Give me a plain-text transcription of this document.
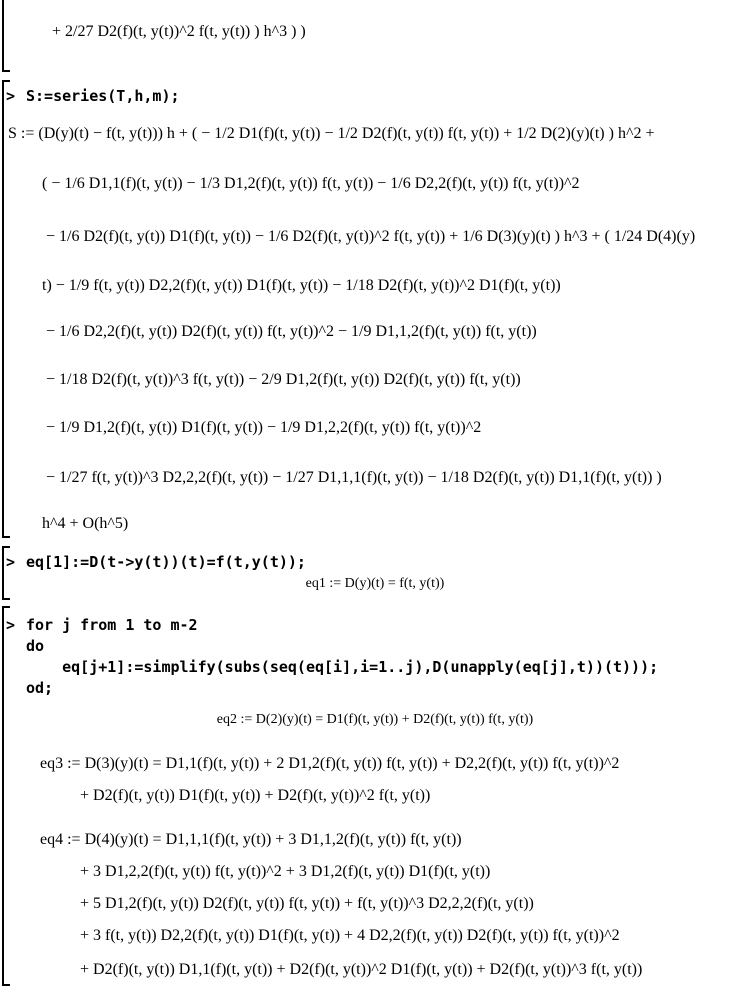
+ 2/27 D2(f)(t, y(t))^2 f(t, y(t)) ) h^3 ) )
> S:=series(T,h,m);
S := (D(y)(t) − f(t, y(t))) h + ( − 1/2 D1(f)(t, y(t)) − 1/2 D2(f)(t, y(t)) f(t, y(t)) + 1/2 D(2)(y)(t) ) h^2 +
( − 1/6 D1,1(f)(t, y(t)) − 1/3 D1,2(f)(t, y(t)) f(t, y(t)) − 1/6 D2,2(f)(t, y(t)) f(t, y(t))^2
− 1/6 D2(f)(t, y(t)) D1(f)(t, y(t)) − 1/6 D2(f)(t, y(t))^2 f(t, y(t)) + 1/6 D(3)(y)(t) ) h^3 + ( 1/24 D(4)(y)
t) − 1/9 f(t, y(t)) D2,2(f)(t, y(t)) D1(f)(t, y(t)) − 1/18 D2(f)(t, y(t))^2 D1(f)(t, y(t))
− 1/6 D2,2(f)(t, y(t)) D2(f)(t, y(t)) f(t, y(t))^2 − 1/9 D1,1,2(f)(t, y(t)) f(t, y(t))
− 1/18 D2(f)(t, y(t))^3 f(t, y(t)) − 2/9 D1,2(f)(t, y(t)) D2(f)(t, y(t)) f(t, y(t))
− 1/9 D1,2(f)(t, y(t)) D1(f)(t, y(t)) − 1/9 D1,2,2(f)(t, y(t)) f(t, y(t))^2
− 1/27 f(t, y(t))^3 D2,2,2(f)(t, y(t)) − 1/27 D1,1,1(f)(t, y(t)) − 1/18 D2(f)(t, y(t)) D1,1(f)(t, y(t)) )
h^4 + O(h^5)
> eq[1]:=D(t->y(t))(t)=f(t,y(t));
eq1 := D(y)(t) = f(t, y(t))
> for j from 1 to m-2
do
eq[j+1]:=simplify(subs(seq(eq[i],i=1..j),D(unapply(eq[j],t))(t)));
od;
eq2 := D(2)(y)(t) = D1(f)(t, y(t)) + D2(f)(t, y(t)) f(t, y(t))
eq3 := D(3)(y)(t) = D1,1(f)(t, y(t)) + 2 D1,2(f)(t, y(t)) f(t, y(t)) + D2,2(f)(t, y(t)) f(t, y(t))^2
+ D2(f)(t, y(t)) D1(f)(t, y(t)) + D2(f)(t, y(t))^2 f(t, y(t))
eq4 := D(4)(y)(t) = D1,1,1(f)(t, y(t)) + 3 D1,1,2(f)(t, y(t)) f(t, y(t))
+ 3 D1,2,2(f)(t, y(t)) f(t, y(t))^2 + 3 D1,2(f)(t, y(t)) D1(f)(t, y(t))
+ 5 D1,2(f)(t, y(t)) D2(f)(t, y(t)) f(t, y(t)) + f(t, y(t))^3 D2,2,2(f)(t, y(t))
+ 3 f(t, y(t)) D2,2(f)(t, y(t)) D1(f)(t, y(t)) + 4 D2,2(f)(t, y(t)) D2(f)(t, y(t)) f(t, y(t))^2
+ D2(f)(t, y(t)) D1,1(f)(t, y(t)) + D2(f)(t, y(t))^2 D1(f)(t, y(t)) + D2(f)(t, y(t))^3 f(t, y(t))
